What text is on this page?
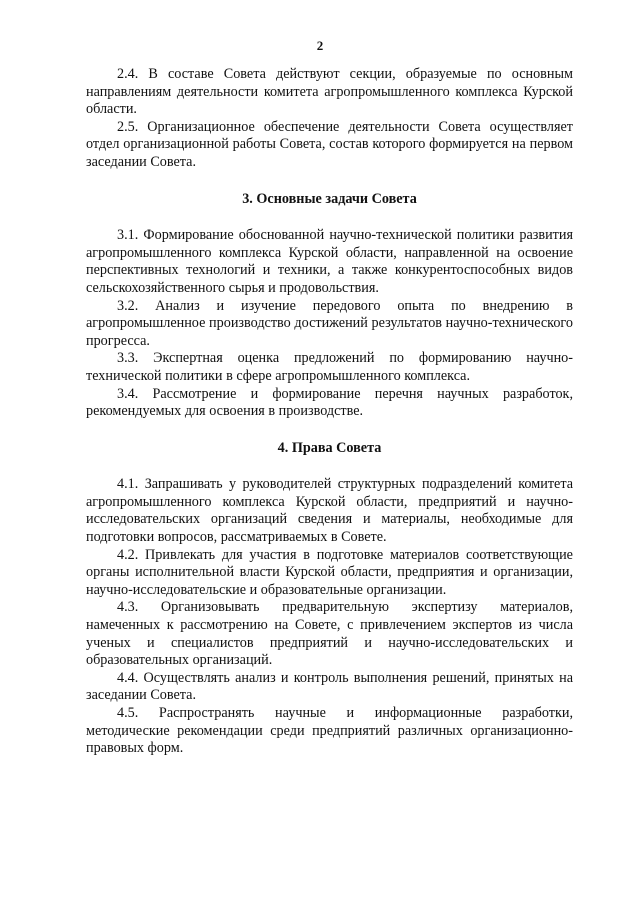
2

2.4. В составе Совета действуют секции, образуемые по основным направлениям деятельности комитета агропромышленного комплекса Курской области.

2.5. Организационное обеспечение деятельности Совета осуществляет отдел организационной работы Совета, состав которого формируется на первом заседании Совета.

3. Основные задачи Совета

3.1. Формирование обоснованной научно-технической политики развития агропромышленного комплекса Курской области, направленной на освоение перспективных технологий и техники, а также конкурентоспособных видов сельскохозяйственного сырья и продовольствия.

3.2. Анализ и изучение передового опыта по внедрению в агропромышленное производство достижений результатов научно-технического прогресса.

3.3. Экспертная оценка предложений по формированию научно-технической политики в сфере агропромышленного комплекса.

3.4. Рассмотрение и формирование перечня научных разработок, рекомендуемых для освоения в производстве.

4. Права Совета

4.1. Запрашивать у руководителей структурных подразделений комитета агропромышленного комплекса Курской области, предприятий и научно-исследовательских организаций сведения и материалы, необходимые для подготовки вопросов, рассматриваемых в Совете.

4.2. Привлекать для участия в подготовке материалов соответствующие органы исполнительной власти Курской области, предприятия и организации, научно-исследовательские и образовательные организации.

4.3. Организовывать предварительную экспертизу материалов, намеченных к рассмотрению на Совете, с привлечением экспертов из числа ученых и специалистов предприятий и научно-исследовательских и образовательных организаций.

4.4. Осуществлять анализ и контроль выполнения решений, принятых на заседании Совета.

4.5. Распространять научные и информационные разработки, методические рекомендации среди предприятий различных организационно-правовых форм.
